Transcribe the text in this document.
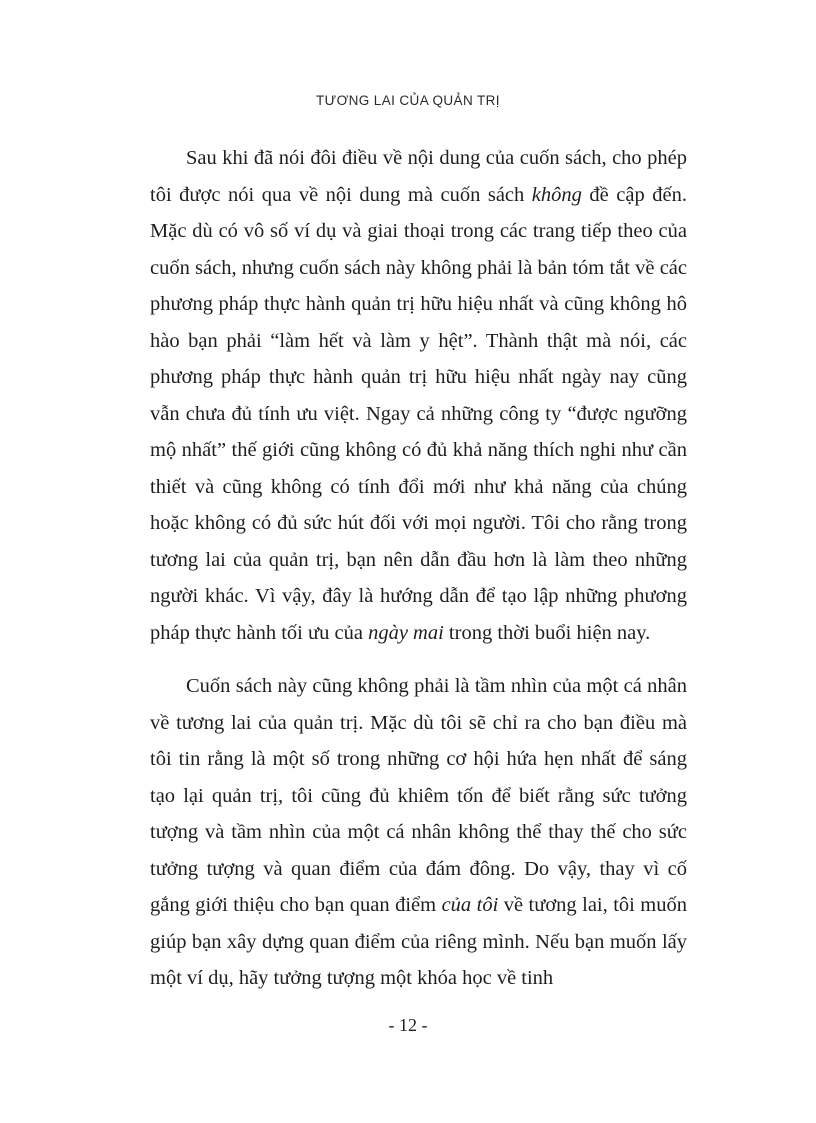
TƯƠNG LAI CỦA QUẢN TRỊ

Sau khi đã nói đôi điều về nội dung của cuốn sách, cho phép tôi được nói qua về nội dung mà cuốn sách không đề cập đến. Mặc dù có vô số ví dụ và giai thoại trong các trang tiếp theo của cuốn sách, nhưng cuốn sách này không phải là bản tóm tắt về các phương pháp thực hành quản trị hữu hiệu nhất và cũng không hô hào bạn phải “làm hết và làm y hệt”. Thành thật mà nói, các phương pháp thực hành quản trị hữu hiệu nhất ngày nay cũng vẫn chưa đủ tính ưu việt. Ngay cả những công ty “được ngưỡng mộ nhất” thế giới cũng không có đủ khả năng thích nghi như cần thiết và cũng không có tính đổi mới như khả năng của chúng hoặc không có đủ sức hút đối với mọi người. Tôi cho rằng trong tương lai của quản trị, bạn nên dẫn đầu hơn là làm theo những người khác. Vì vậy, đây là hướng dẫn để tạo lập những phương pháp thực hành tối ưu của ngày mai trong thời buổi hiện nay.

Cuốn sách này cũng không phải là tầm nhìn của một cá nhân về tương lai của quản trị. Mặc dù tôi sẽ chỉ ra cho bạn điều mà tôi tin rằng là một số trong những cơ hội hứa hẹn nhất để sáng tạo lại quản trị, tôi cũng đủ khiêm tốn để biết rằng sức tưởng tượng và tầm nhìn của một cá nhân không thể thay thế cho sức tưởng tượng và quan điểm của đám đông. Do vậy, thay vì cố gắng giới thiệu cho bạn quan điểm của tôi về tương lai, tôi muốn giúp bạn xây dựng quan điểm của riêng mình. Nếu bạn muốn lấy một ví dụ, hãy tưởng tượng một khóa học về tinh

- 12 -
